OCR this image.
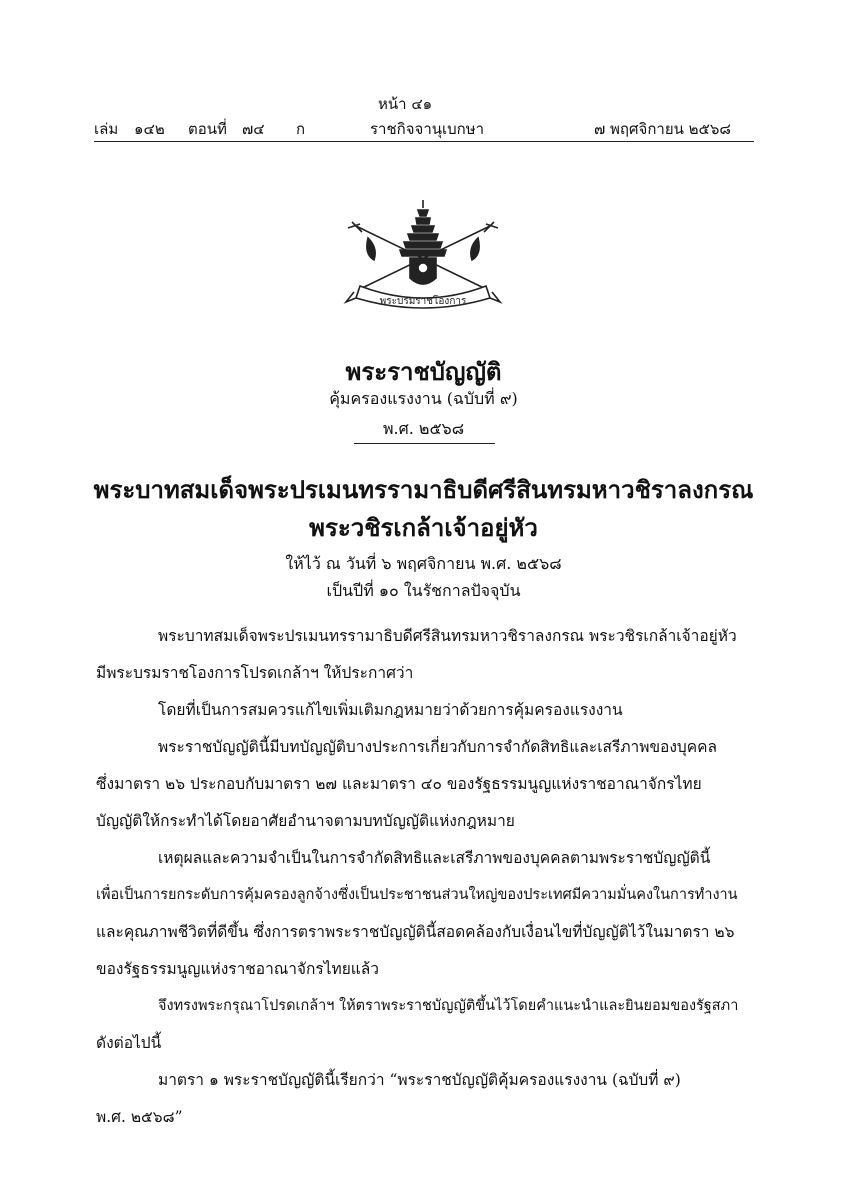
หน้า ๔๑
เล่ม ๑๔๒ ตอนที่ ๗๔ ก	ราชกิจจานุเบกษา	๗ พฤศจิกายน ๒๕๖๘
พระบรมราชโองการ
พระราชบัญญัติ
คุ้มครองแรงงาน (ฉบับที่ ๙)
พ.ศ. ๒๕๖๘
พระบาทสมเด็จพระปรเมนทรรามาธิบดีศรีสินทรมหาวชิราลงกรณ
พระวชิรเกล้าเจ้าอยู่หัว
ให้ไว้ ณ วันที่ ๖ พฤศจิกายน พ.ศ. ๒๕๖๘
เป็นปีที่ ๑๐ ในรัชกาลปัจจุบัน
พระบาทสมเด็จพระปรเมนทรรามาธิบดีศรีสินทรมหาวชิราลงกรณ พระวชิรเกล้าเจ้าอยู่หัว
มีพระบรมราชโองการโปรดเกล้าฯ ให้ประกาศว่า
โดยที่เป็นการสมควรแก้ไขเพิ่มเติมกฎหมายว่าด้วยการคุ้มครองแรงงาน
พระราชบัญญัตินี้มีบทบัญญัติบางประการเกี่ยวกับการจำกัดสิทธิและเสรีภาพของบุคคล
ซึ่งมาตรา ๒๖ ประกอบกับมาตรา ๒๗ และมาตรา ๔๐ ของรัฐธรรมนูญแห่งราชอาณาจักรไทย
บัญญัติให้กระทำได้โดยอาศัยอำนาจตามบทบัญญัติแห่งกฎหมาย
เหตุผลและความจำเป็นในการจำกัดสิทธิและเสรีภาพของบุคคลตามพระราชบัญญัตินี้
เพื่อเป็นการยกระดับการคุ้มครองลูกจ้างซึ่งเป็นประชาชนส่วนใหญ่ของประเทศมีความมั่นคงในการทำงาน
และคุณภาพชีวิตที่ดีขึ้น ซึ่งการตราพระราชบัญญัตินี้สอดคล้องกับเงื่อนไขที่บัญญัติไว้ในมาตรา ๒๖
ของรัฐธรรมนูญแห่งราชอาณาจักรไทยแล้ว
จึงทรงพระกรุณาโปรดเกล้าฯ ให้ตราพระราชบัญญัติขึ้นไว้โดยคำแนะนำและยินยอมของรัฐสภา
ดังต่อไปนี้
มาตรา ๑ พระราชบัญญัตินี้เรียกว่า “พระราชบัญญัติคุ้มครองแรงงาน (ฉบับที่ ๙)
พ.ศ. ๒๕๖๘”
